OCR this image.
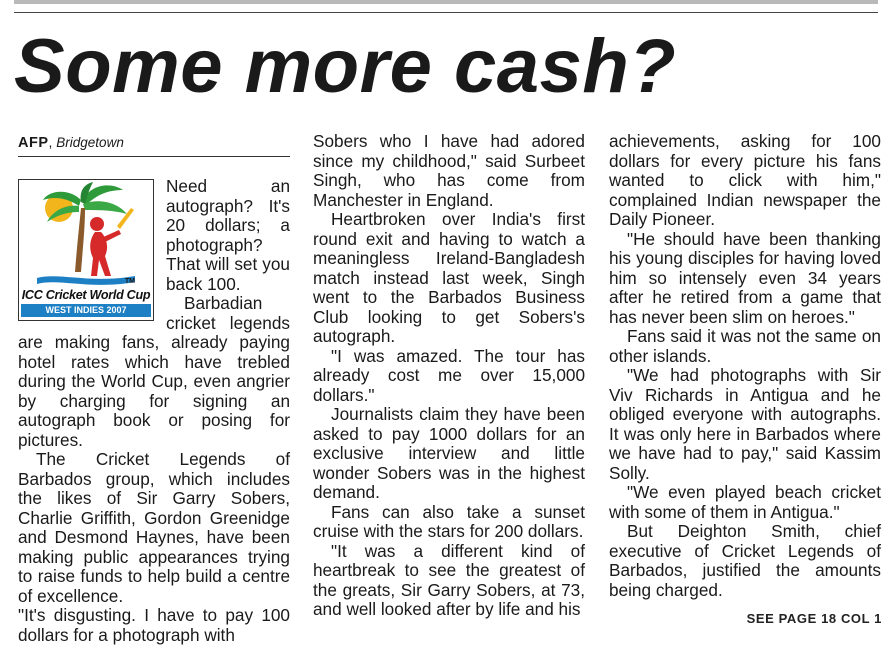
Some more cash?
AFP, Bridgetown
TM
ICC Cricket World Cup
WEST INDIES 2007

Need an autograph? It's 20 dollars; a photograph? That will set you back 100.

Barbadian cricket legends are making fans, already paying hotel rates which have trebled during the World Cup, even angrier by charging for signing an autograph book or posing for pictures.

The Cricket Legends of Barbados group, which includes the likes of Sir Garry Sobers, Charlie Griffith, Gordon Greenidge and Desmond Haynes, have been making public appearances trying to raise funds to help build a centre of excellence.

"It's disgusting. I have to pay 100 dollars for a photograph with

Sobers who I have had adored since my childhood," said Surbeet Singh, who has come from Manchester in England.

Heartbroken over India's first round exit and having to watch a meaningless Ireland-Bangladesh match instead last week, Singh went to the Barbados Business Club looking to get Sobers's autograph.

"I was amazed. The tour has already cost me over 15,000 dollars."

Journalists claim they have been asked to pay 1000 dollars for an exclusive interview and little wonder Sobers was in the highest demand.

Fans can also take a sunset cruise with the stars for 200 dollars.

"It was a different kind of heartbreak to see the greatest of the greats, Sir Garry Sobers, at 73, and well looked after by life and his

achievements, asking for 100 dollars for every picture his fans wanted to click with him," complained Indian newspaper the Daily Pioneer.

"He should have been thanking his young disciples for having loved him so intensely even 34 years after he retired from a game that has never been slim on heroes."

Fans said it was not the same on other islands.

"We had photographs with Sir Viv Richards in Antigua and he obliged everyone with autographs. It was only here in Barbados where we have had to pay," said Kassim Solly.

"We even played beach cricket with some of them in Antigua."

But Deighton Smith, chief executive of Cricket Legends of Barbados, justified the amounts being charged.

SEE PAGE 18 COL 1
